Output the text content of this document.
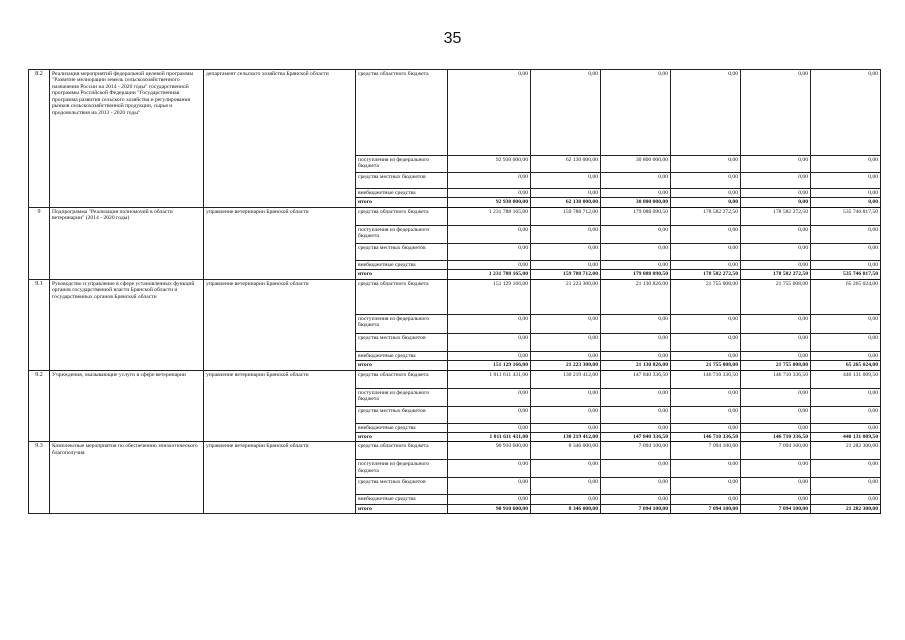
35
8.2	Реализация мероприятий федеральной целевой программы "Развитие мелиорации земель сельскохозяйственного назначения России на 2014 - 2020 годы" государственной программы Российской Федерации "Государственная программа развития сельского хозяйства и регулирования рынков сельскохозяйственной продукции, сырья и продовольствия на 2013 - 2020 годы"	департамент сельского хозяйства Брянской области	средства областного бюджета	0,00	0,00	0,00	0,00	0,00	0,00
			поступления из федерального бюджета	92 930 000,00	62 130 000,00	30 800 000,00	0,00	0,00	0,00
			средства местных бюджетов	0,00	0,00	0,00	0,00	0,00	0,00
			внебюджетные средства	0,00	0,00	0,00	0,00	0,00	0,00
			итого	92 930 000,00	62 130 000,00	30 800 000,00	0,00	0,00	0,00
9	Подпрограмма "Реализация полномочий в области ветеринарии" (2014 - 2020 годы)	управление ветеринарии Брянской области	средства областного бюджета	1 231 788 165,00	159 788 712,00	179 088 090,50	178 582 272,50	178 582 272,50	535 746 817,50
			поступления из федерального бюджета	0,00	0,00	0,00	0,00	0,00	0,00
			средства местных бюджетов	0,00	0,00	0,00	0,00	0,00	0,00
			внебюджетные средства	0,00	0,00	0,00	0,00	0,00	0,00
			итого	1 231 788 165,00	159 788 712,00	179 088 090,50	178 582 272,50	178 582 272,50	535 746 817,50
9.1	Руководство и управление в сфере установленных функций органов государственной власти Брянской области и государственных органов Брянской области	управление ветеринарии Брянской области	средства областного бюджета	151 129 166,00	21 223 300,00	21 130 826,00	21 755 008,00	21 755 008,00	65 265 024,00
			поступления из федерального бюджета	0,00	0,00	0,00	0,00	0,00	0,00
			средства местных бюджетов	0,00	0,00	0,00	0,00	0,00	0,00
			внебюджетные средства	0,00	0,00	0,00	0,00	0,00	0,00
			итого	151 129 166,00	21 223 300,00	21 130 826,00	21 755 008,00	21 755 008,00	65 265 024,00
9.2	Учреждения, оказывающие услуги в сфере ветеринарии	управление ветеринарии Брянской области	средства областного бюджета	1 011 611 431,00	130 219 412,00	147 840 336,50	146 710 336,50	146 710 336,50	440 131 009,50
			поступления из федерального бюджета	0,00	0,00	0,00	0,00	0,00	0,00
			средства местных бюджетов	0,00	0,00	0,00	0,00	0,00	0,00
			внебюджетные средства	0,00	0,00	0,00	0,00	0,00	0,00
			итого	1 011 611 431,00	130 219 412,00	147 840 336,50	146 710 336,50	146 710 336,50	440 131 009,50
9.3	Комплексные мероприятия по обеспечению эпизоотического благополучия	управление ветеринарии Брянской области	средства областного бюджета	90 910 600,00	8 346 000,00	7 094 100,00	7 094 100,00	7 094 100,00	21 282 300,00
			поступления из федерального бюджета	0,00	0,00	0,00	0,00	0,00	0,00
			средства местных бюджетов	0,00	0,00	0,00	0,00	0,00	0,00
			внебюджетные средства	0,00	0,00	0,00	0,00	0,00	0,00
			итого	90 910 600,00	8 346 000,00	7 094 100,00	7 094 100,00	7 094 100,00	21 282 300,00
